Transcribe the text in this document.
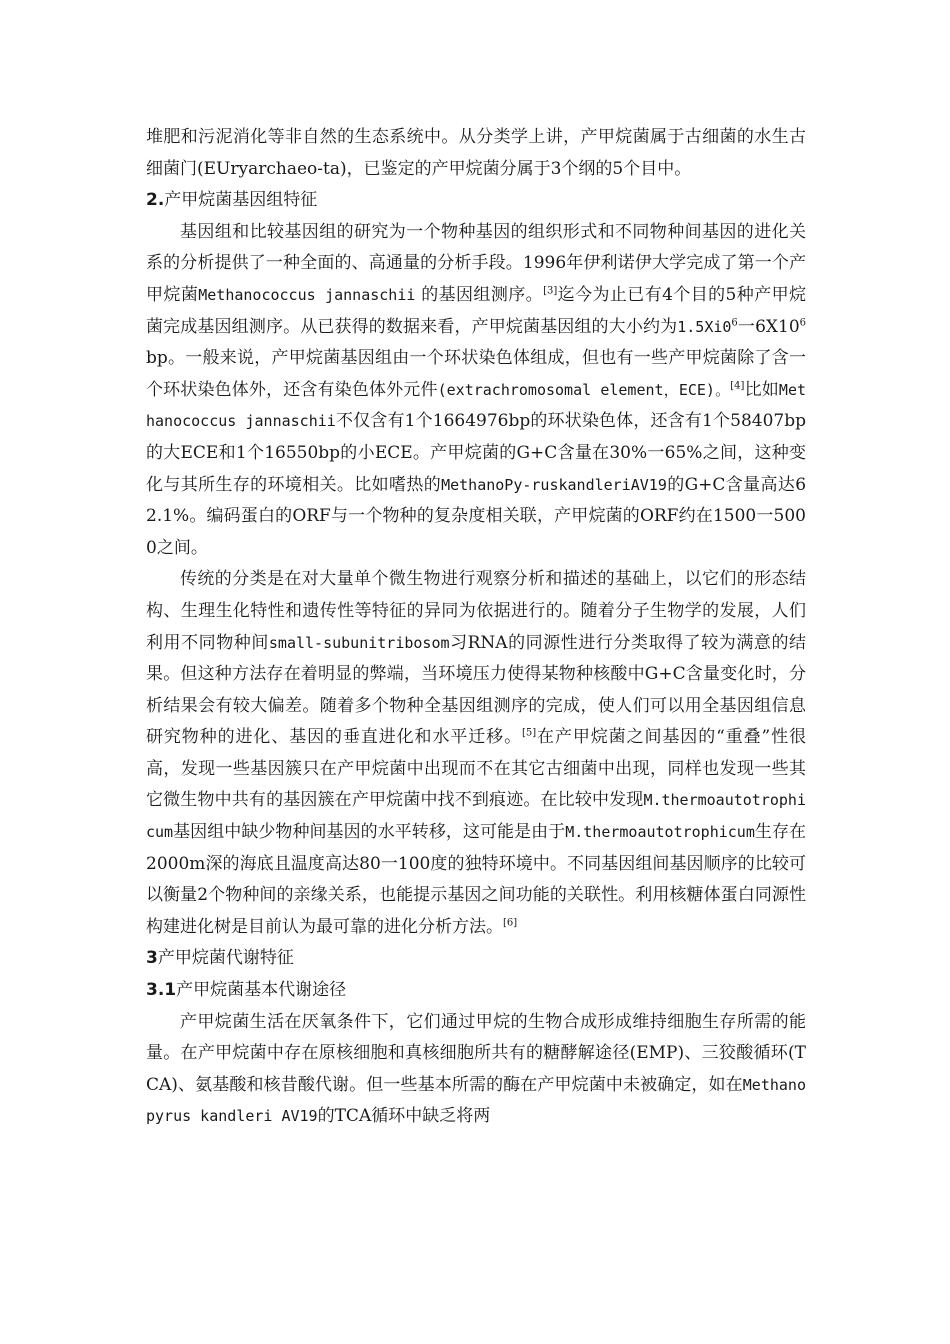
堆肥和污泥消化等非自然的生态系统中。从分类学上讲，产甲烷菌属于古细菌的水生古细菌门(EUryarchaeo-ta)，已鉴定的产甲烷菌分属于3个纲的5个目中。

2.产甲烷菌基因组特征

基因组和比较基因组的研究为一个物种基因的组织形式和不同物种间基因的进化关系的分析提供了一种全面的、高通量的分析手段。1996年伊利诺伊大学完成了第一个产甲烷菌Methanococcus jannaschii 的基因组测序。[3]迄今为止已有4个目的5种产甲烷菌完成基因组测序。从已获得的数据来看，产甲烷菌基因组的大小约为$1.5Xi0^6$一$6X10^6bp$。一般来说，产甲烷菌基因组由一个环状染色体组成，但也有一些产甲烷菌除了含一个环状染色体外，还含有染色体外元件(extrachromosomal element，ECE)。[4]比如Methanococcus jannaschii不仅含有1个1664976bp的环状染色体，还含有1个58407bp的大ECE和1个16550bp的小ECE。产甲烷菌的G+C含量在30%一65%之间，这种变化与其所生存的环境相关。比如嗜热的MethanoPy-ruskandleriAV19的G+C含量高达62.1%。编码蛋白的ORF与一个物种的复杂度相关联，产甲烷菌的ORF约在1500一5000之间。

传统的分类是在对大量单个微生物进行观察分析和描述的基础上，以它们的形态结构、生理生化特性和遗传性等特征的异同为依据进行的。随着分子生物学的发展，人们利用不同物种间small-subunitribosom习RNA的同源性进行分类取得了较为满意的结果。但这种方法存在着明显的弊端，当环境压力使得某物种核酸中G+C含量变化时，分析结果会有较大偏差。随着多个物种全基因组测序的完成，使人们可以用全基因组信息研究物种的进化、基因的垂直进化和水平迁移。[5]在产甲烷菌之间基因的“重叠”性很高，发现一些基因簇只在产甲烷菌中出现而不在其它古细菌中出现，同样也发现一些其它微生物中共有的基因簇在产甲烷菌中找不到痕迹。在比较中发现M.thermoautotrophicum基因组中缺少物种间基因的水平转移，这可能是由于M.thermoautotrophicum生存在2000m深的海底且温度高达80一100度的独特环境中。不同基因组间基因顺序的比较可以衡量2个物种间的亲缘关系，也能提示基因之间功能的关联性。利用核糖体蛋白同源性构建进化树是目前认为最可靠的进化分析方法。[6]

3产甲烷菌代谢特征
3.1产甲烷菌基本代谢途径

产甲烷菌生活在厌氧条件下，它们通过甲烷的生物合成形成维持细胞生存所需的能量。在产甲烷菌中存在原核细胞和真核细胞所共有的糖酵解途径(EMP)、三狡酸循环(TCA)、氨基酸和核昔酸代谢。但一些基本所需的酶在产甲烷菌中未被确定，如在Methanopyrus kandleri AV19的TCA循环中缺乏将两
